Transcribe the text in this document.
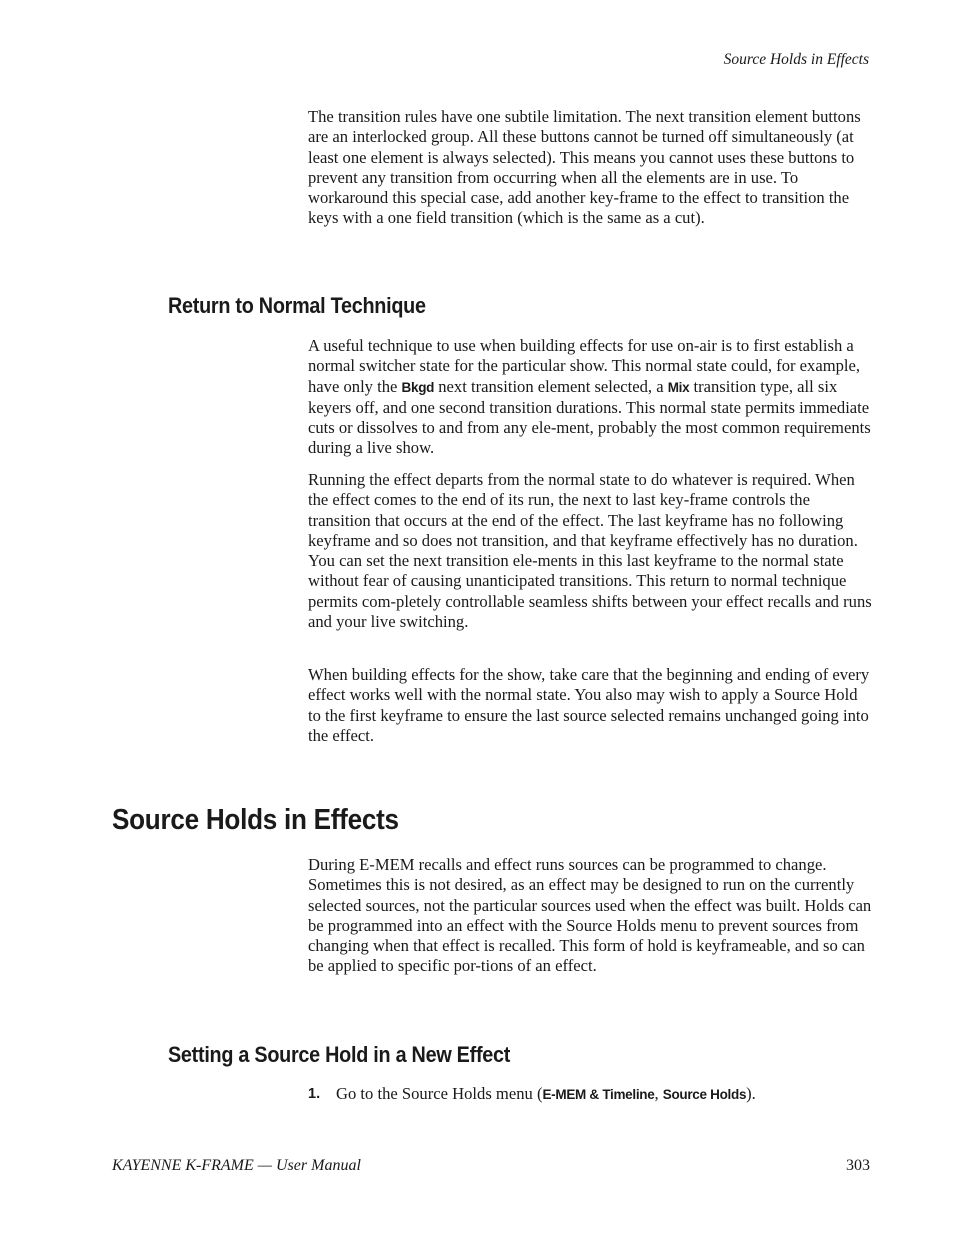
Source Holds in Effects

The transition rules have one subtile limitation. The next transition element buttons are an interlocked group. All these buttons cannot be turned off simultaneously (at least one element is always selected). This means you cannot uses these buttons to prevent any transition from occurring when all the elements are in use. To workaround this special case, add another key-frame to the effect to transition the keys with a one field transition (which is the same as a cut).

Return to Normal Technique

A useful technique to use when building effects for use on-air is to first establish a normal switcher state for the particular show. This normal state could, for example, have only the Bkgd next transition element selected, a Mix transition type, all six keyers off, and one second transition durations. This normal state permits immediate cuts or dissolves to and from any ele-ment, probably the most common requirements during a live show.

Running the effect departs from the normal state to do whatever is required. When the effect comes to the end of its run, the next to last key-frame controls the transition that occurs at the end of the effect. The last keyframe has no following keyframe and so does not transition, and that keyframe effectively has no duration. You can set the next transition ele-ments in this last keyframe to the normal state without fear of causing unanticipated transitions. This return to normal technique permits com-pletely controllable seamless shifts between your effect recalls and runs and your live switching.

When building effects for the show, take care that the beginning and ending of every effect works well with the normal state. You also may wish to apply a Source Hold to the first keyframe to ensure the last source selected remains unchanged going into the effect.

Source Holds in Effects

During E-MEM recalls and effect runs sources can be programmed to change. Sometimes this is not desired, as an effect may be designed to run on the currently selected sources, not the particular sources used when the effect was built. Holds can be programmed into an effect with the Source Holds menu to prevent sources from changing when that effect is recalled. This form of hold is keyframeable, and so can be applied to specific por-tions of an effect.

Setting a Source Hold in a New Effect
1. Go to the Source Holds menu (E-MEM & Timeline, Source Holds).
KAYENNE K-FRAME — User Manual	303
